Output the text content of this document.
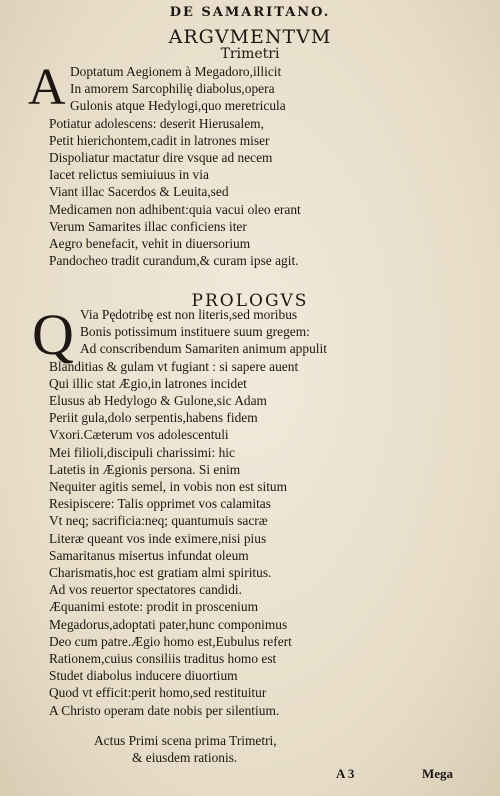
DE SAMARITANO.
ARGVMENTVM
Trimetri
A Doptatum Aegionem à Megadoro,illicit
In amorem Sarcophilię diabolus,opera
Gulonis atque Hedylogi,quo meretricula
Potiatur adolescens: deserit Hierusalem,
Petit hierichontem,cadit in latrones miser
Dispoliatur mactatur dire vsque ad necem
Iacet relictus semiuiuus in via
Viant illac Sacerdos & Leuita,sed
Medicamen non adhibent:quia vacui oleo erant
Verum Samarites illac conficiens iter
Aegro benefacit, vehit in diuersorium
Pandocheo tradit curandum,& curam ipse agit.
PROLOGVS
Q Via Pędotribę est non literis,sed moribus
Bonis potissimum instituere suum gregem:
Ad conscribendum Samariten animum appulit
Blanditias & gulam vt fugiant : si sapere auent
Qui illic stat Ægio,in latrones incidet
Elusus ab Hedylogo & Gulone,sic Adam
Periit gula,dolo serpentis,habens fidem
Vxori.Cæterum vos adolescentuli
Mei filioli,discipuli charissimi: hic
Latetis in Ægionis persona. Si enim
Nequiter agitis semel, in vobis non est situm
Resipiscere: Talis opprimet vos calamitas
Vt neq; sacrificia:neq; quantumuis sacræ
Literæ queant vos inde eximere,nisi pius
Samaritanus misertus infundat oleum
Charismatis,hoc est gratiam almi spiritus.
Ad vos reuertor spectatores candidi.
Æquanimi estote: prodit in proscenium
Megadorus,adoptati pater,hunc componimus
Deo cum patre.Ægio homo est,Eubulus refert
Rationem,cuius consiliis traditus homo est
Studet diabolus inducere diuortium
Quod vt efficit:perit homo,sed restituitur
A Christo operam date nobis per silentium.
Actus Primi scena prima Trimetri,
& eiusdem rationis.
A 3	Mega
